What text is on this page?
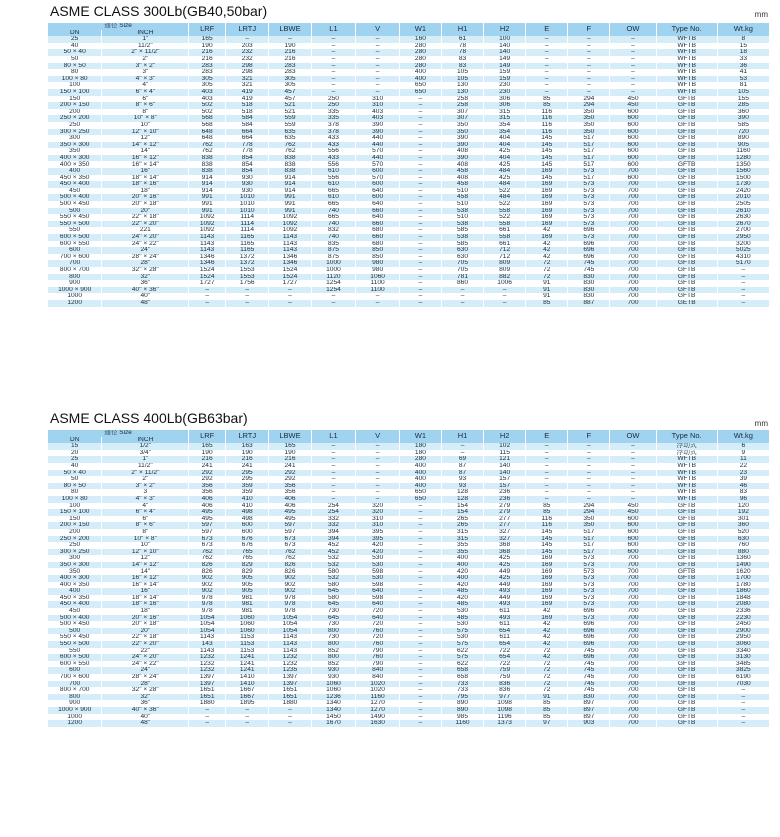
ASME CLASS 300Lb(GB40,50bar)	mm
通径 Size		LRF	LRTJ	LBWE	L1	V	W1	H1	H2	E	F	OW	Type No.	Wt.kg
DN	INCH													
25	1"	165	–	–	–	–	160	61	100	–	–	–	WFTB	8
40	11/2"	190	203	190	–	–	280	78	140	–	–	–	WFTB	15
50 × 40	2" × 11/2"	216	232	216	–	–	280	78	140	–	–	–	WFTB	18
50	2"	216	232	216	–	–	280	83	149	–	–	–	WFTB	33
80 × 50	3" × 2"	283	298	283	–	–	280	83	149	–	–	–	WFTB	36
80	3"	283	298	283	–	–	400	105	159	–	–	–	WFTB	41
100 × 80	4" × 3"	305	321	305	–	–	400	105	159	–	–	–	WFTB	53
100	4"	305	321	305	–	–	650	130	230	–	–	–	WFTB	81
150 × 100	6" × 4"	403	419	457	–	–	650	130	230	–	–	–	WFTB	105
150	6"	403	419	457	250	310	–	258	306	85	294	450	GFTB	155
200 × 150	8" × 6"	502	518	521	250	310	–	258	306	85	294	450	GFTB	285
200	8"	502	518	521	335	403	–	307	315	116	350	600	GFTB	360
250 × 200	10" × 8"	568	584	559	335	403	–	307	315	116	350	600	GFTB	390
250	10"	568	584	559	378	390	–	350	354	116	350	600	GFTB	585
300 × 250	12" × 10"	648	664	635	378	390	–	350	354	116	350	600	GFTB	720
300	12"	648	664	635	433	440	–	390	404	145	517	600	GFTB	890
350 × 300	14" × 12"	762	778	762	433	440	–	390	404	145	517	600	GFTB	905
350	14"	762	778	762	556	570	–	408	425	145	517	600	GFTB	1160
400 × 300	16" × 12"	838	854	838	433	440	–	390	404	145	517	600	GFTB	1280
400 × 350	16" × 14"	838	854	838	556	570	–	408	425	145	517	600	GFTB	1350
400	16"	838	854	838	610	600	–	458	484	169	573	700	GFTB	1560
450 × 350	18" × 14"	914	930	914	556	570	–	408	425	145	517	600	GFTB	1500
450 × 400	18" × 16"	914	930	914	610	600	–	458	484	169	573	700	GFTB	1730
450	18"	914	930	914	665	640	–	510	522	169	573	700	GFTB	2420
500 × 400	20" × 16"	991	1010	991	610	600	–	458	484	169	573	700	GFTB	2010
500 × 450	20" × 18"	991	1010	991	665	640	–	510	522	169	573	700	GFTB	2505
500	20"	991	1010	991	740	660	–	538	558	169	573	700	GFTB	2610
550 × 450	22" × 18"	1092	1114	1092	665	640	–	510	522	169	573	700	GFTB	2630
550 × 500	22" × 20"	1092	1114	1092	740	660	–	538	558	169	573	700	GFTB	2670
550	221	1092	1114	1092	832	680	–	585	661	42	696	700	GFTB	2700
600 × 500	24" × 20"	1143	1165	1143	740	660	–	538	558	169	573	700	GFTB	2950
600 × 550	24" × 22"	1143	1165	1143	835	680	–	585	661	42	696	700	GFTB	3200
600	24"	1143	1165	1143	875	850	–	630	712	42	696	700	GFTB	5025
700 × 600	28" × 24"	1346	1372	1346	875	850	–	630	712	42	696	700	GFTB	4310
700	28"	1346	1372	1346	1000	980	–	705	809	72	745	700	GFTB	5170
800 × 700	32" × 28"	1524	1553	1524	1000	980	–	705	809	72	745	700	GFTB	–
800	32"	1524	1553	1524	1120	1060	–	781	882	72	830	700	GFTB	–
900	36"	1727	1756	1727	1254	1100	–	860	1006	91	830	700	GFTB	–
1000 × 900	40" × 36"	–	–	–	1254	1100	–	–	–	91	830	700	GFTB	–
1000	40"	–	–	–	–	–	–	–	–	91	830	700	GFTB	–
1200	48"	–	–	–	–	–	–	–	–	85	887	700	GETB	–
ASME CLASS 400Lb(GB63bar)	mm
通径 Size		LRF	LRTJ	LBWE	L1	V	W1	H1	H2	E	F	OW	Type No.	Wt.kg
DN	INCH													
15	1/2"	165	163	165	–	–	180	–	102	–	–	–	浮动式	6
20	3/4"	190	190	190	–	–	180	–	115	–	–	–	浮动式	9
25	1"	216	216	216	–	–	280	69	121	–	–	–	WFTB	11
40	11/2"	241	241	241	–	–	400	87	140	–	–	–	WFTB	22
50 × 40	2" × 11/2"	292	295	292	–	–	400	87	140	–	–	–	WFTB	23
50	2"	292	295	292	–	–	400	93	157	–	–	–	WFTB	39
80 × 50	3" × 2"	356	359	356	–	–	400	93	157	–	–	–	WFTB	46
80	3	356	359	356	–	–	650	128	236	–	–	–	WFTB	83
100 × 80	4" × 3"	406	410	406	–	–	650	128	236	–	–	–	WFTB	96
100	4"	406	410	406	254	320	–	154	279	85	294	450	GFTB	120
150 × 100	6" × 4"	495	498	495	254	320	–	154	279	85	294	450	GFTB	192
150	6"	495	498	495	332	310	–	265	277	116	350	600	GFTB	301
200 × 150	8" × 6"	597	600	597	332	310	–	265	277	116	350	600	GFTB	360
200	8"	597	600	597	394	395	–	315	327	145	517	600	GFTB	520
250 × 200	10" × 8"	673	676	673	394	395	–	315	327	145	517	600	GFTB	630
250	10"	673	676	673	452	420	–	355	368	145	517	600	GFTB	760
300 × 250	12" × 10"	762	765	762	452	420	–	355	368	145	517	600	GFTB	880
300	12"	762	765	762	532	530	–	400	425	169	573	700	GFTB	1360
350 × 300	14" × 12"	826	829	826	532	530	–	400	425	169	573	700	GFTB	1490
350	14"	826	829	826	580	598	–	420	449	169	573	700	GFTB	1620
400 × 300	16" × 12"	902	905	902	532	530	–	400	425	169	573	700	GFTB	1700
400 × 350	16" × 14"	902	905	902	580	598	–	420	449	169	573	700	GFTB	1780
400	16"	902	905	902	645	640	–	485	493	169	573	700	GFTB	1860
450 × 350	18" × 14"	978	981	978	580	598	–	420	449	169	573	700	GFTB	1848
450 × 400	18" × 16"	978	981	978	645	640	–	485	493	169	573	700	GFTB	2080
450	18"	978	981	978	730	720	–	530	611	42	696	700	GFTB	2336
500 × 400	20" × 16"	1054	1060	1054	645	640	–	485	493	169	573	700	GFTB	2230
500 × 450	20" × 18"	1054	1060	1054	730	720	–	530	611	42	696	700	GFTB	2450
500	20"	1054	1060	1054	800	760	–	575	654	42	696	700	GFTB	2900
550 × 450	22" × 18"	1143	1153	1143	730	720	–	530	611	42	696	700	GFTB	2950
550 × 500	22" × 20"	143	1153	1143	800	760	–	575	654	42	696	700	GFTB	3060
550	22"	1143	1153	1143	852	790	–	622	722	72	745	700	GFTB	3340
600 × 500	24" × 20"	1232	1241	1232	800	760	–	575	654	42	696	700	GFTB	3130
600 × 550	24" × 22"	1232	1241	1232	852	790	–	622	722	72	745	700	GFTB	3485
600	24"	1232	1241	1235	930	840	–	658	759	72	745	700	GFTB	3825
700 × 600	28" × 24"	1397	1410	1397	930	840	–	658	759	72	745	700	GFTB	6190
700	28"	1397	1410	1397	1060	1020	–	733	836	72	745	700	GFTB	7030
800 × 700	32" × 28"	1651	1667	1651	1060	1020	–	733	836	72	745	700	GFTB	–
800	32"	1651	1667	1651	1236	1160	–	795	977	91	830	700	GFTB	–
900	36"	1880	1895	1880	1340	1270	–	890	1098	85	897	700	GFTB	–
1000 × 900	40" × 36"	–	–	–	1340	1270	–	890	1098	85	897	700	GFTB	–
1000	40"	–	–	–	1450	1490	–	985	1196	85	897	700	GFTB	–
1200	48"	–	–	–	1670	1630	–	1160	1373	97	903	700	GFTB	–
